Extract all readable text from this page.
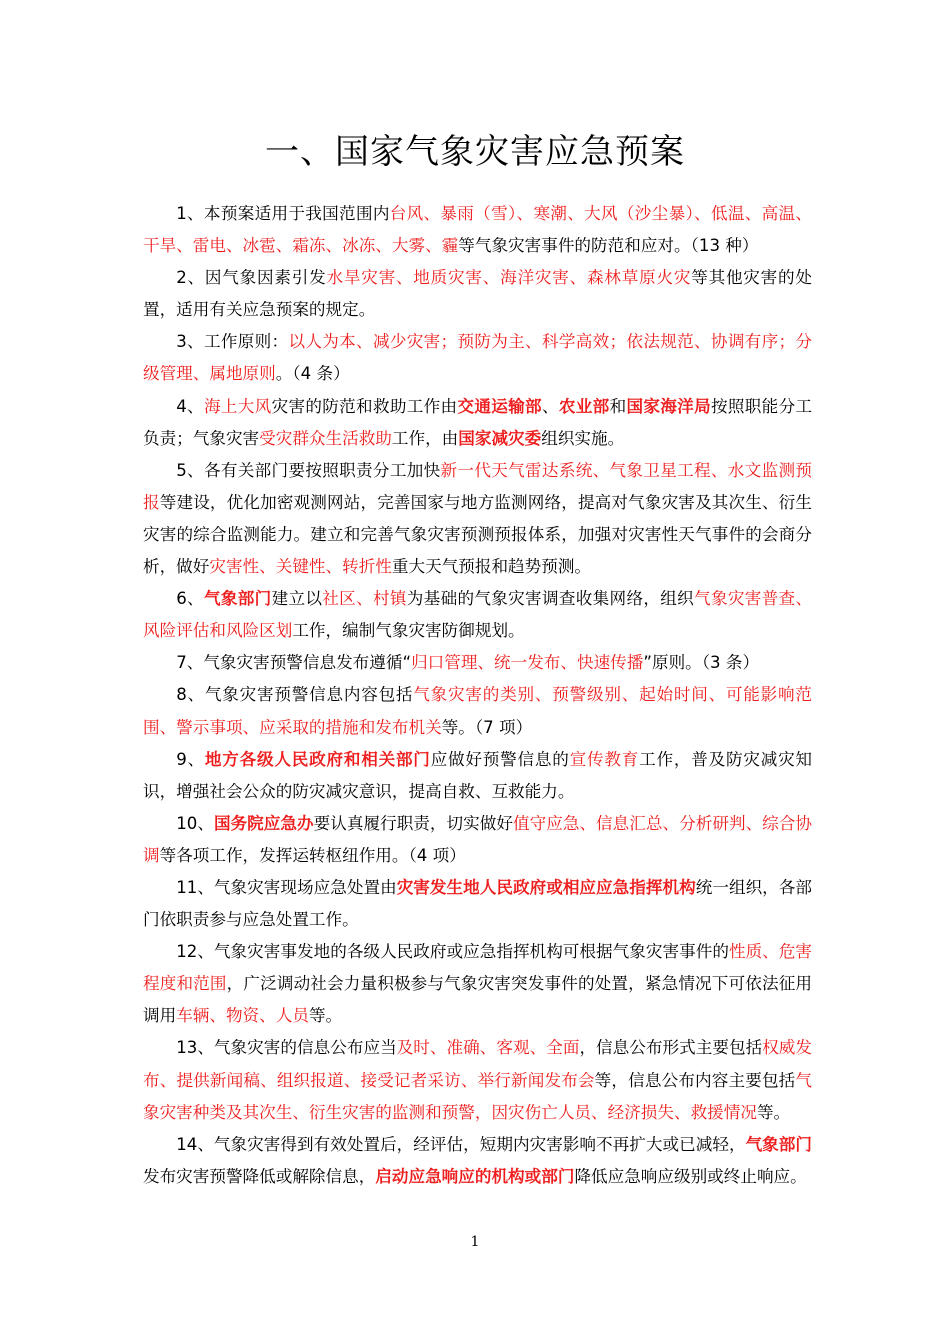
一、国家气象灾害应急预案

1、本预案适用于我国范围内台风、暴雨（雪）、寒潮、大风（沙尘暴）、低温、高温、干旱、雷电、冰雹、霜冻、冰冻、大雾、霾等气象灾害事件的防范和应对。（13 种）

2、因气象因素引发水旱灾害、地质灾害、海洋灾害、森林草原火灾等其他灾害的处置，适用有关应急预案的规定。

3、工作原则：以人为本、减少灾害；预防为主、科学高效；依法规范、协调有序；分级管理、属地原则。（4 条）

4、海上大风灾害的防范和救助工作由交通运输部、农业部和国家海洋局按照职能分工负责；气象灾害受灾群众生活救助工作，由国家减灾委组织实施。

5、各有关部门要按照职责分工加快新一代天气雷达系统、气象卫星工程、水文监测预报等建设，优化加密观测网站，完善国家与地方监测网络，提高对气象灾害及其次生、衍生灾害的综合监测能力。建立和完善气象灾害预测预报体系，加强对灾害性天气事件的会商分析，做好灾害性、关键性、转折性重大天气预报和趋势预测。

6、气象部门建立以社区、村镇为基础的气象灾害调查收集网络，组织气象灾害普查、风险评估和风险区划工作，编制气象灾害防御规划。

7、气象灾害预警信息发布遵循“归口管理、统一发布、快速传播”原则。（3 条）

8、气象灾害预警信息内容包括气象灾害的类别、预警级别、起始时间、可能影响范围、警示事项、应采取的措施和发布机关等。（7 项）

9、地方各级人民政府和相关部门应做好预警信息的宣传教育工作，普及防灾减灾知识，增强社会公众的防灾减灾意识，提高自救、互救能力。

10、国务院应急办要认真履行职责，切实做好值守应急、信息汇总、分析研判、综合协调等各项工作，发挥运转枢纽作用。（4 项）

11、气象灾害现场应急处置由灾害发生地人民政府或相应应急指挥机构统一组织，各部门依职责参与应急处置工作。

12、气象灾害事发地的各级人民政府或应急指挥机构可根据气象灾害事件的性质、危害程度和范围，广泛调动社会力量积极参与气象灾害突发事件的处置，紧急情况下可依法征用调用车辆、物资、人员等。

13、气象灾害的信息公布应当及时、准确、客观、全面，信息公布形式主要包括权威发布、提供新闻稿、组织报道、接受记者采访、举行新闻发布会等，信息公布内容主要包括气象灾害种类及其次生、衍生灾害的监测和预警，因灾伤亡人员、经济损失、救援情况等。

14、气象灾害得到有效处置后，经评估，短期内灾害影响不再扩大或已减轻，气象部门发布灾害预警降低或解除信息，启动应急响应的机构或部门降低应急响应级别或终止响应。

1
